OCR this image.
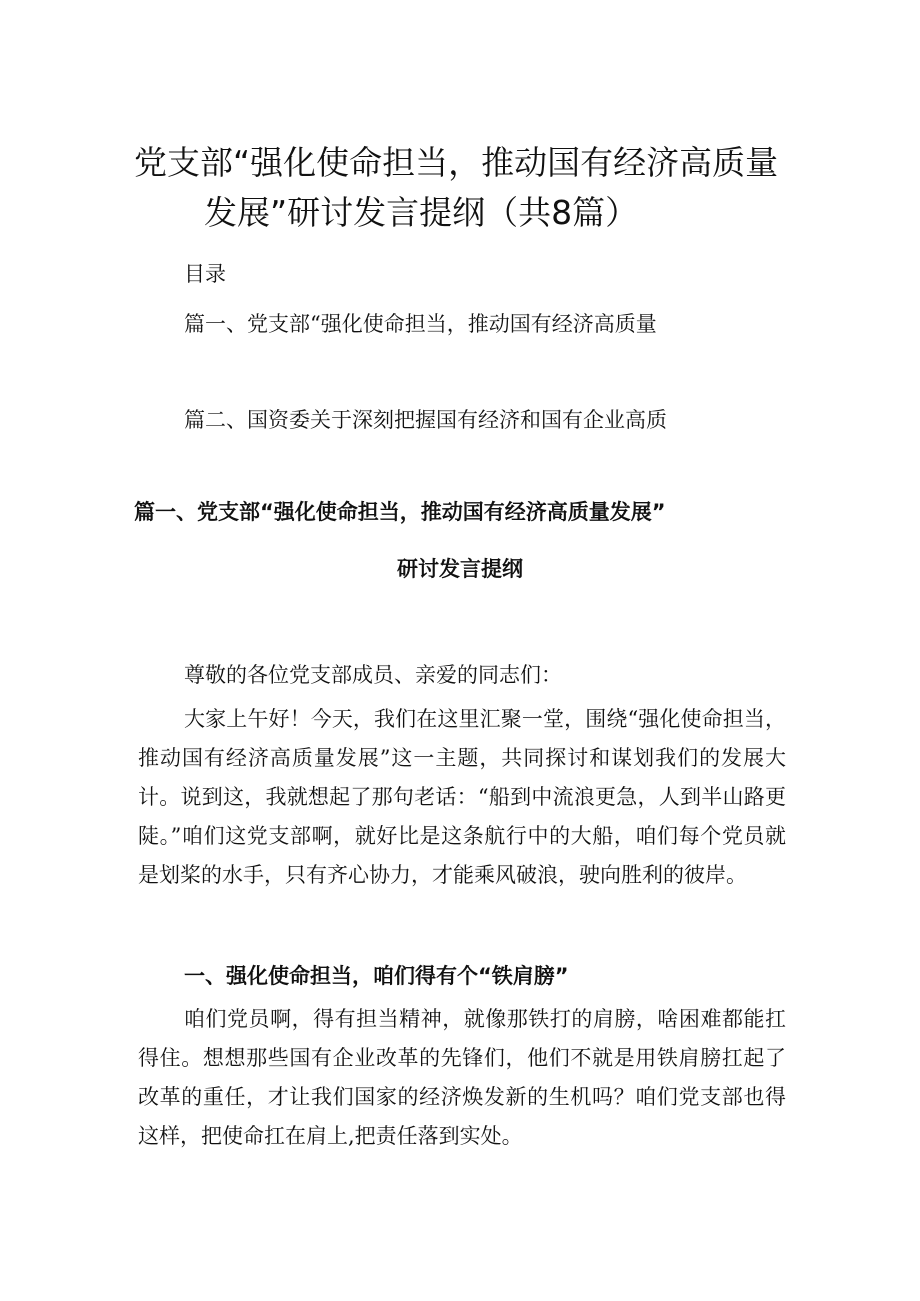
党支部“强化使命担当，推动国有经济高质量
发展”研讨发言提纲（共8篇）

目录

篇一、党支部“强化使命担当，推动国有经济高质量

篇二、国资委关于深刻把握国有经济和国有企业高质

篇一、党支部“强化使命担当，推动国有经济高质量发展”
研讨发言提纲

尊敬的各位党支部成员、亲爱的同志们：

大家上午好！今天，我们在这里汇聚一堂，围绕“强化使命担当，推动国有经济高质量发展”这一主题，共同探讨和谋划我们的发展大计。说到这，我就想起了那句老话：“船到中流浪更急，人到半山路更陡。”咱们这党支部啊，就好比是这条航行中的大船，咱们每个党员就是划桨的水手，只有齐心协力，才能乘风破浪，驶向胜利的彼岸。

一、强化使命担当，咱们得有个“铁肩膀”

咱们党员啊，得有担当精神，就像那铁打的肩膀，啥困难都能扛得住。想想那些国有企业改革的先锋们，他们不就是用铁肩膀扛起了改革的重任，才让我们国家的经济焕发新的生机吗？咱们党支部也得这样，把使命扛在肩上,把责任落到实处。
